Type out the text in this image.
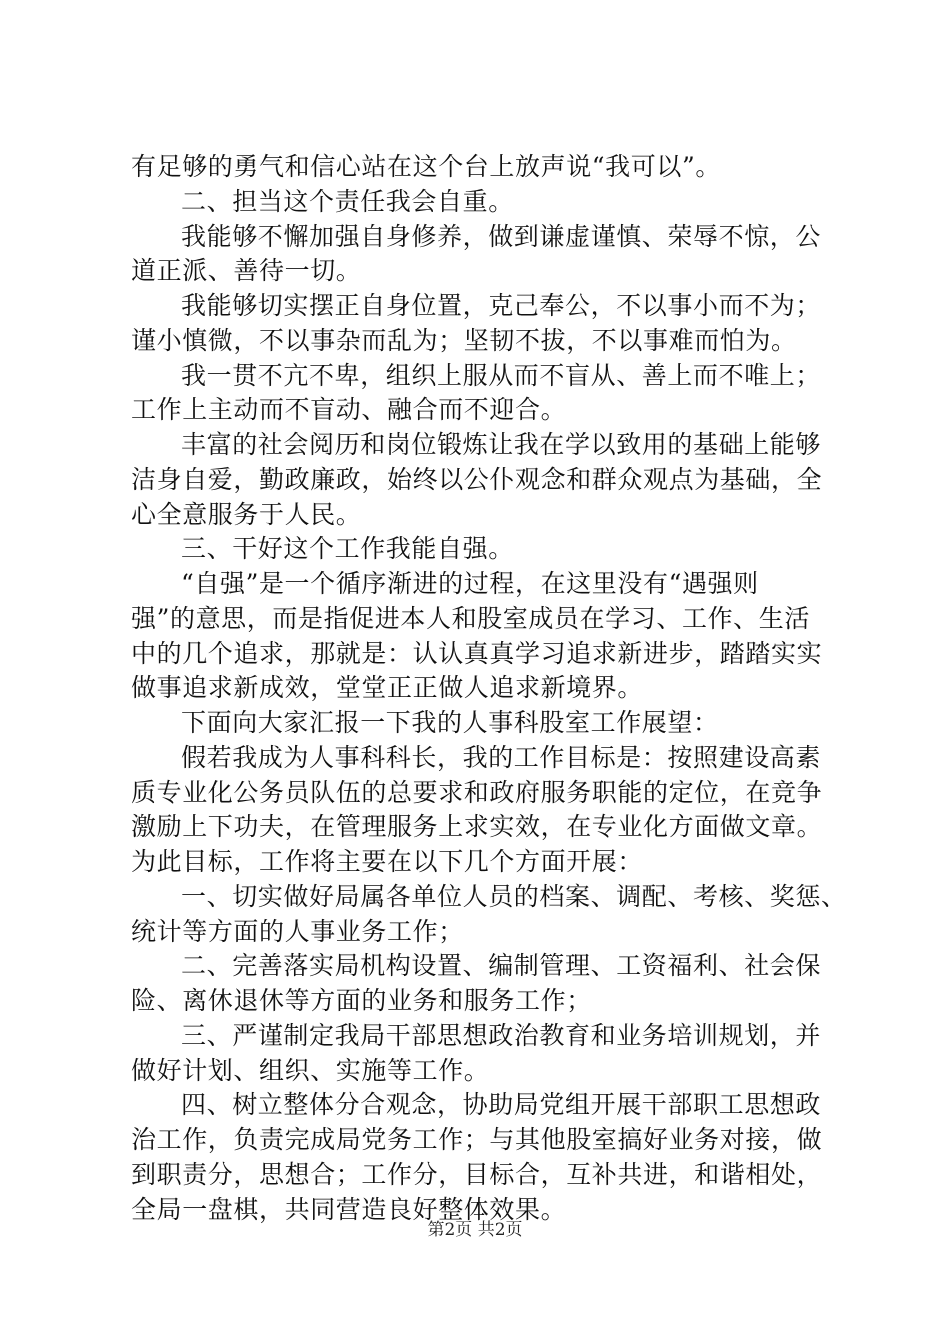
有足够的勇气和信心站在这个台上放声说“我可以”。
二、担当这个责任我会自重。
我能够不懈加强自身修养，做到谦虚谨慎、荣辱不惊，公
道正派、善待一切。
我能够切实摆正自身位置，克己奉公，不以事小而不为；
谨小慎微，不以事杂而乱为；坚韧不拔，不以事难而怕为。
我一贯不亢不卑，组织上服从而不盲从、善上而不唯上；
工作上主动而不盲动、融合而不迎合。
丰富的社会阅历和岗位锻炼让我在学以致用的基础上能够
洁身自爱，勤政廉政，始终以公仆观念和群众观点为基础，全
心全意服务于人民。
三、干好这个工作我能自强。
“自强”是一个循序渐进的过程，在这里没有“遇强则
强”的意思，而是指促进本人和股室成员在学习、工作、生活
中的几个追求，那就是：认认真真学习追求新进步，踏踏实实
做事追求新成效，堂堂正正做人追求新境界。
下面向大家汇报一下我的人事科股室工作展望：
假若我成为人事科科长，我的工作目标是：按照建设高素
质专业化公务员队伍的总要求和政府服务职能的定位，在竞争
激励上下功夫，在管理服务上求实效，在专业化方面做文章。
为此目标，工作将主要在以下几个方面开展：
一、切实做好局属各单位人员的档案、调配、考核、奖惩、
统计等方面的人事业务工作；
二、完善落实局机构设置、编制管理、工资福利、社会保
险、离休退休等方面的业务和服务工作；
三、严谨制定我局干部思想政治教育和业务培训规划，并
做好计划、组织、实施等工作。
四、树立整体分合观念，协助局党组开展干部职工思想政
治工作，负责完成局党务工作；与其他股室搞好业务对接，做
到职责分，思想合；工作分，目标合，互补共进，和谐相处，
全局一盘棋，共同营造良好整体效果。
第2页 共2页
